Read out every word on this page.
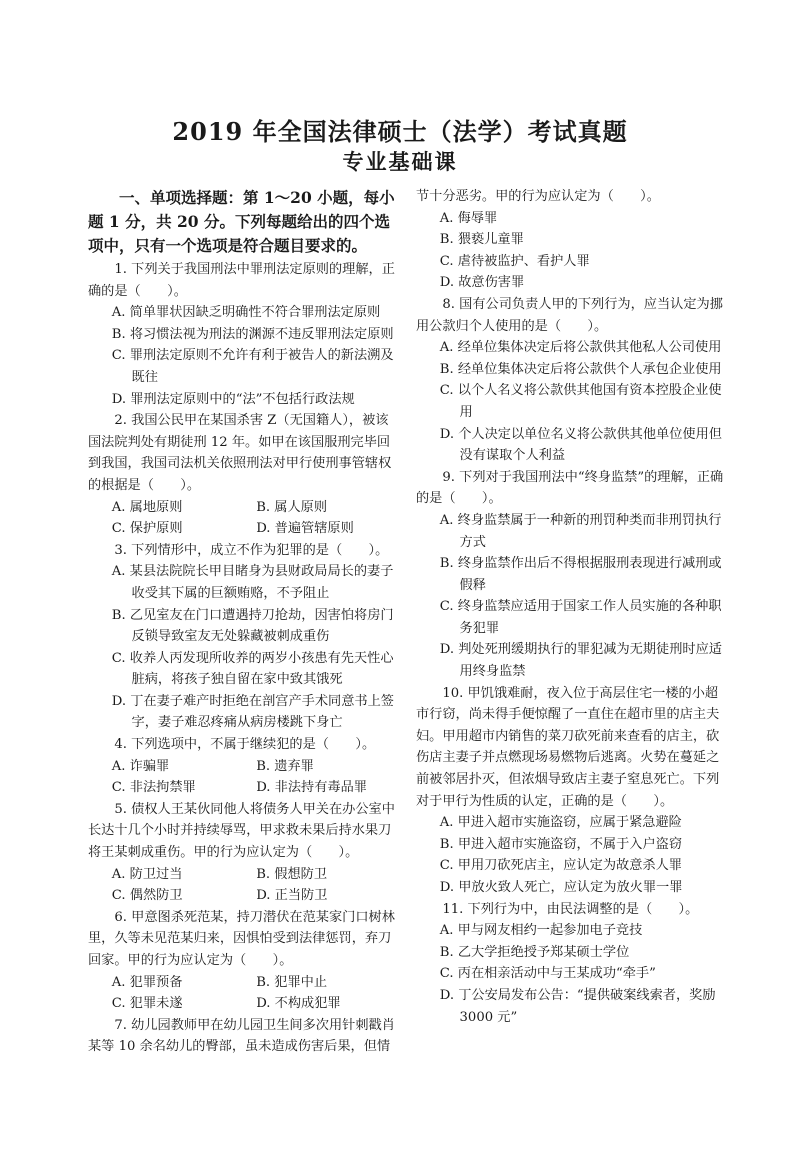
2019 年全国法律硕士（法学）考试真题
专业基础课

一、单项选择题：第 1～20 小题，每小题 1 分，共 20 分。下列每题给出的四个选项中，只有一个选项是符合题目要求的。

1. 下列关于我国刑法中罪刑法定原则的理解，正确的是（　　）。

A. 简单罪状因缺乏明确性不符合罪刑法定原则

B. 将习惯法视为刑法的渊源不违反罪刑法定原则

C. 罪刑法定原则不允许有利于被告人的新法溯及既往

D. 罪刑法定原则中的“法”不包括行政法规

2. 我国公民甲在某国杀害 Z（无国籍人），被该国法院判处有期徒刑 12 年。如甲在该国服刑完毕回到我国，我国司法机关依照刑法对甲行使刑事管辖权的根据是（　　）。

A. 属地原则	B. 属人原则
C. 保护原则	D. 普遍管辖原则

3. 下列情形中，成立不作为犯罪的是（　　）。

A. 某县法院院长甲目睹身为县财政局局长的妻子收受其下属的巨额贿赂，不予阻止

B. 乙见室友在门口遭遇持刀抢劫，因害怕将房门反锁导致室友无处躲藏被刺成重伤

C. 收养人丙发现所收养的两岁小孩患有先天性心脏病，将孩子独自留在家中致其饿死

D. 丁在妻子难产时拒绝在剖宫产手术同意书上签字，妻子难忍疼痛从病房楼跳下身亡

4. 下列选项中，不属于继续犯的是（　　）。

A. 诈骗罪	B. 遗弃罪
C. 非法拘禁罪	D. 非法持有毒品罪

5. 债权人王某伙同他人将债务人甲关在办公室中长达十几个小时并持续辱骂，甲求救未果后持水果刀将王某刺成重伤。甲的行为应认定为（　　）。

A. 防卫过当	B. 假想防卫
C. 偶然防卫	D. 正当防卫

6. 甲意图杀死范某，持刀潜伏在范某家门口树林里，久等未见范某归来，因惧怕受到法律惩罚，弃刀回家。甲的行为应认定为（　　）。

A. 犯罪预备	B. 犯罪中止
C. 犯罪未遂	D. 不构成犯罪

7. 幼儿园教师甲在幼儿园卫生间多次用针刺戳肖某等 10 余名幼儿的臀部，虽未造成伤害后果，但情

节十分恶劣。甲的行为应认定为（　　）。

A. 侮辱罪

B. 猥亵儿童罪

C. 虐待被监护、看护人罪

D. 故意伤害罪

8. 国有公司负责人甲的下列行为，应当认定为挪用公款归个人使用的是（　　）。

A. 经单位集体决定后将公款供其他私人公司使用

B. 经单位集体决定后将公款供个人承包企业使用

C. 以个人名义将公款供其他国有资本控股企业使用

D. 个人决定以单位名义将公款供其他单位使用但没有谋取个人利益

9. 下列对于我国刑法中“终身监禁”的理解，正确的是（　　）。

A. 终身监禁属于一种新的刑罚种类而非刑罚执行方式

B. 终身监禁作出后不得根据服刑表现进行减刑或假释

C. 终身监禁应适用于国家工作人员实施的各种职务犯罪

D. 判处死刑缓期执行的罪犯减为无期徒刑时应适用终身监禁

10. 甲饥饿难耐，夜入位于高层住宅一楼的小超市行窃，尚未得手便惊醒了一直住在超市里的店主夫妇。甲用超市内销售的菜刀砍死前来查看的店主，砍伤店主妻子并点燃现场易燃物后逃离。火势在蔓延之前被邻居扑灭，但浓烟导致店主妻子窒息死亡。下列对于甲行为性质的认定，正确的是（　　）。

A. 甲进入超市实施盗窃，应属于紧急避险

B. 甲进入超市实施盗窃，不属于入户盗窃

C. 甲用刀砍死店主，应认定为故意杀人罪

D. 甲放火致人死亡，应认定为放火罪一罪

11. 下列行为中，由民法调整的是（　　）。

A. 甲与网友相约一起参加电子竞技

B. 乙大学拒绝授予郑某硕士学位

C. 丙在相亲活动中与王某成功“牵手”

D. 丁公安局发布公告：“提供破案线索者，奖励 3000 元”
